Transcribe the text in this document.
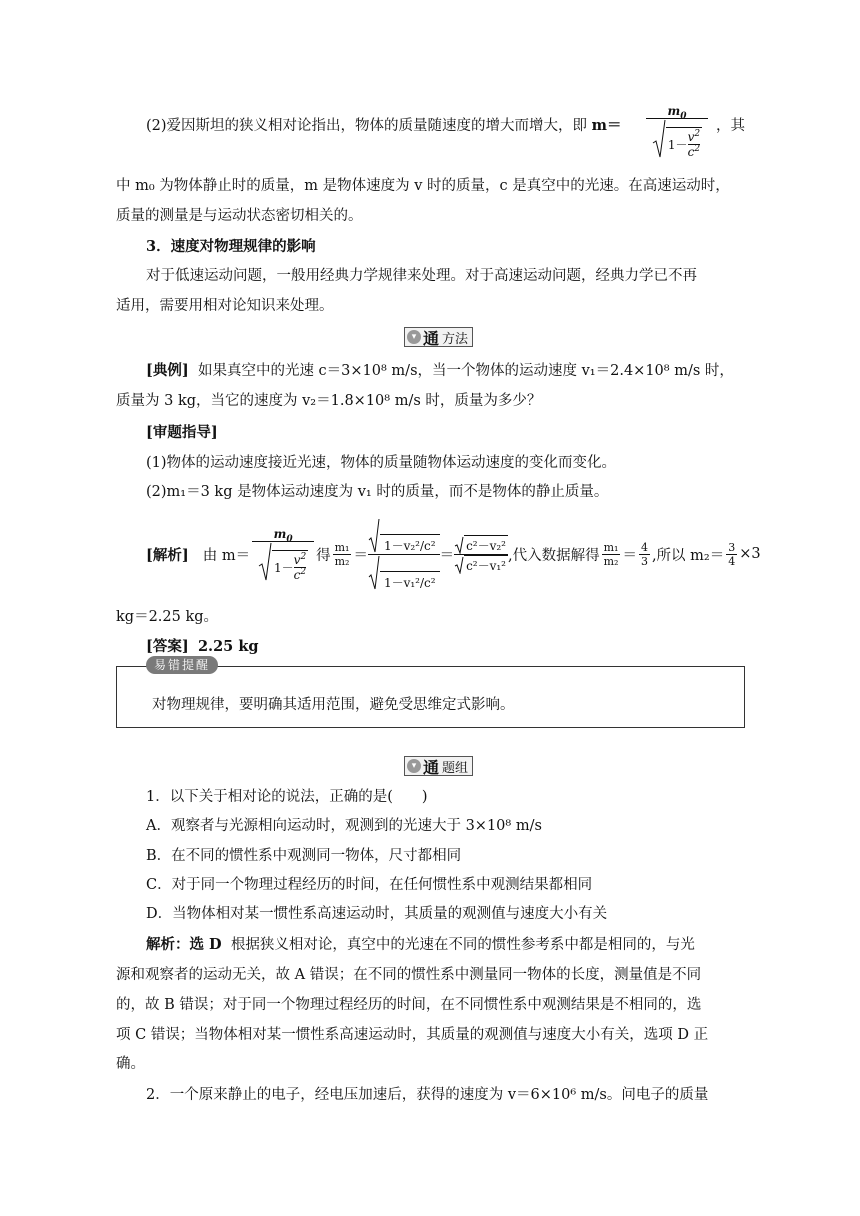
(2)爱因斯坦的狭义相对论指出，物体的质量随速度的增大而增大，即 m＝
$m_0$
1－
$v^2$
$c^2$
，其
中 m₀ 为物体静止时的质量，m 是物体速度为 v 时的质量，c 是真空中的光速。在高速运动时，
质量的测量是与运动状态密切相关的。
3．速度对物理规律的影响
对于低速运动问题，一般用经典力学规律来处理。对于高速运动问题，经典力学已不再
适用，需要用相对论知识来处理。
▾ 通 方法
[典例] 如果真空中的光速 c＝3×10⁸ m/s，当一个物体的运动速度 v₁＝2.4×10⁸ m/s 时，
质量为 3 kg，当它的速度为 v₂＝1.8×10⁸ m/s 时，质量为多少？
[审题指导]
(1)物体的运动速度接近光速，物体的质量随物体运动速度的变化而变化。
(2)m₁＝3 kg 是物体运动速度为 v₁ 时的质量，而不是物体的静止质量。
[解析] 由 m＝
$m_0$
1－
$v^2$
$c^2$
得 $\frac{\text{m₁}}{\text{m₂}}$ ＝
1－v₂²/c²
1－v₁²/c²
＝
c²－v₂²
c²－v₁²
,代入数据解得 $\frac{\text{m₁}}{\text{m₂}} = \frac{4}{3}$ ,所以 $m_2= \frac{3}{4} \times 3$
kg＝2.25 kg。
[答案] 2.25 kg
易错提醒
对物理规律，要明确其适用范围，避免受思维定式影响。
▾ 通 题组
1．以下关于相对论的说法，正确的是(　　)
A．观察者与光源相向运动时，观测到的光速大于 3×10⁸ m/s
B．在不同的惯性系中观测同一物体，尺寸都相同
C．对于同一个物理过程经历的时间，在任何惯性系中观测结果都相同
D．当物体相对某一惯性系高速运动时，其质量的观测值与速度大小有关
解析：选 D 根据狭义相对论，真空中的光速在不同的惯性参考系中都是相同的，与光
源和观察者的运动无关，故 A 错误；在不同的惯性系中测量同一物体的长度，测量值是不同
的，故 B 错误；对于同一个物理过程经历的时间，在不同惯性系中观测结果是不相同的，选
项 C 错误；当物体相对某一惯性系高速运动时，其质量的观测值与速度大小有关，选项 D 正
确。
2．一个原来静止的电子，经电压加速后，获得的速度为 v＝6×10⁶ m/s。问电子的质量
